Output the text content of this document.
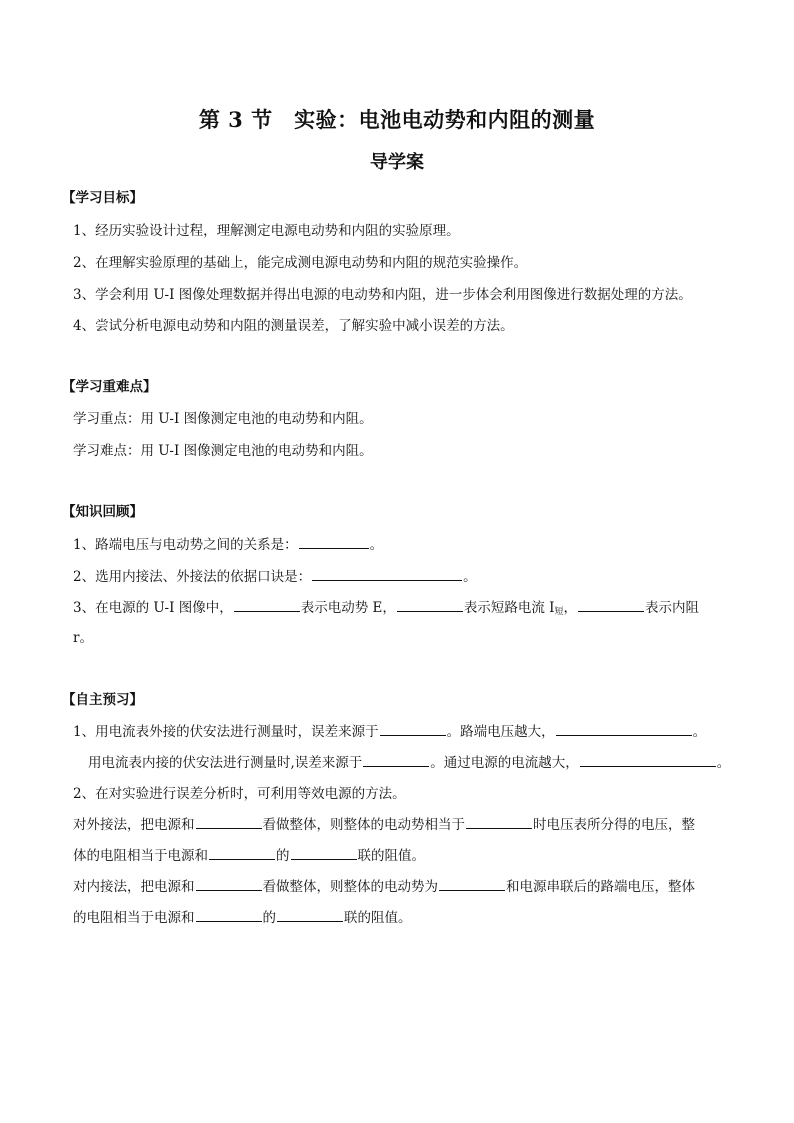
第 3 节　实验：电池电动势和内阻的测量
导学案
【学习目标】
1、经历实验设计过程，理解测定电源电动势和内阻的实验原理。
2、在理解实验原理的基础上，能完成测电源电动势和内阻的规范实验操作。
3、学会利用 U-I 图像处理数据并得出电源的电动势和内阻，进一步体会利用图像进行数据处理的方法。
4、尝试分析电源电动势和内阻的测量误差，了解实验中减小误差的方法。
【学习重难点】
学习重点：用 U-I 图像测定电池的电动势和内阻。
学习难点：用 U-I 图像测定电池的电动势和内阻。
【知识回顾】
1、路端电压与电动势之间的关系是：	。
2、选用内接法、外接法的依据口诀是：	。
3、在电源的 U-I 图像中，	表示电动势 E，	表示短路电流 $I_短$，	表示内阻
r。
【自主预习】
1、用电流表外接的伏安法进行测量时，误差来源于	。路端电压越大，	。
用电流表内接的伏安法进行测量时,误差来源于	。通过电源的电流越大，	。
2、在对实验进行误差分析时，可利用等效电源的方法。
对外接法，把电源和	看做整体，则整体的电动势相当于	时电压表所分得的电压，整
体的电阻相当于电源和	的	联的阻值。
对内接法，把电源和	看做整体，则整体的电动势为	和电源串联后的路端电压，整体
的电阻相当于电源和	的	联的阻值。
